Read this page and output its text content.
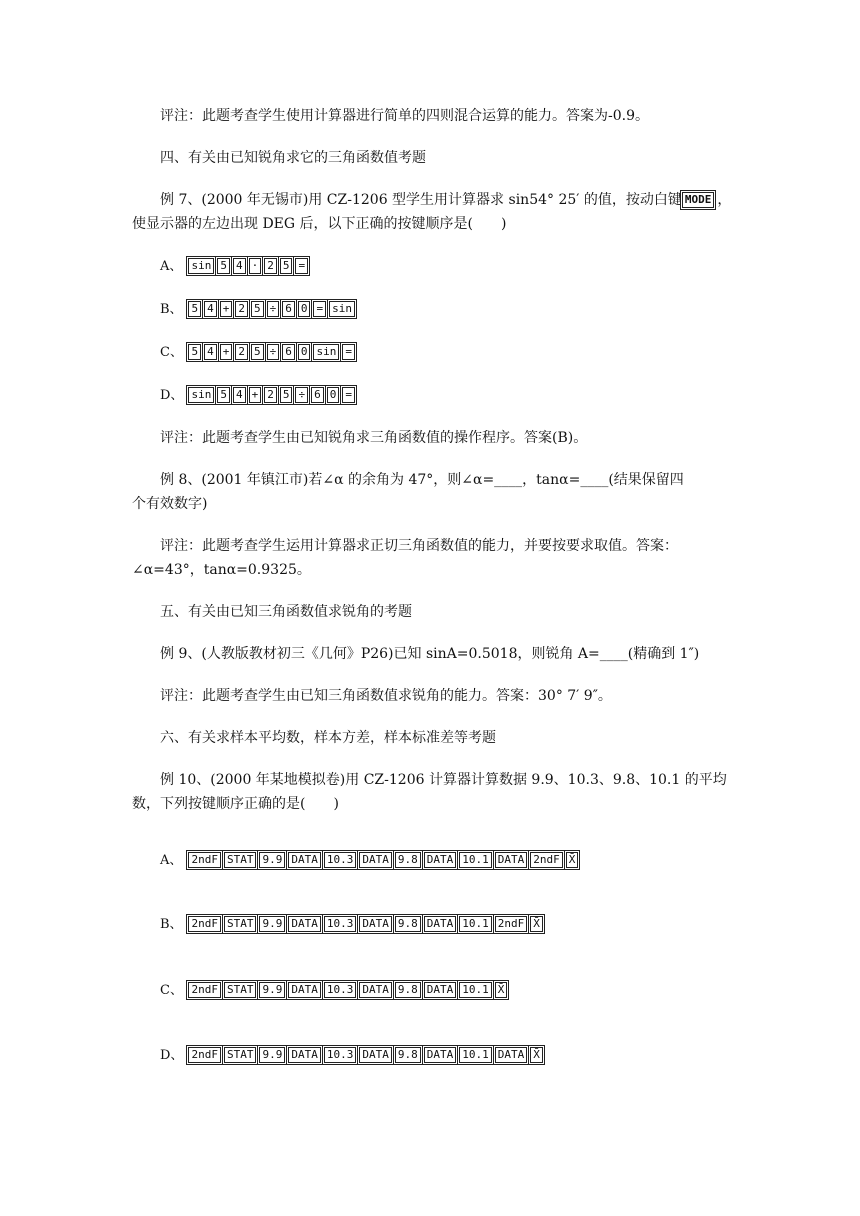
评注：此题考查学生使用计算器进行简单的四则混合运算的能力。答案为-0.9。
四、有关由已知锐角求它的三角函数值考题
例 7、(2000 年无锡市)用 CZ-1206 型学生用计算器求 sin54° 25′ 的值，按动白键 MODE ，
使显示器的左边出现 DEG 后，以下正确的按键顺序是(　　)
A、 sin 5 4 · 2 5 =
B、 5 4 + 2 5 ÷ 6 0 = sin
C、 5 4 + 2 5 ÷ 6 0 sin =
D、 sin 5 4 + 2 5 ÷ 6 0 =
评注：此题考查学生由已知锐角求三角函数值的操作程序。答案(B)。
例 8、(2001 年镇江市)若∠α 的余角为 47°，则∠α=____，tanα=____(结果保留四
个有效数字)
评注：此题考查学生运用计算器求正切三角函数值的能力，并要按要求取值。答案：
∠α=43°，tanα=0.9325。
五、有关由已知三角函数值求锐角的考题
例 9、(人教版教材初三《几何》P26)已知 sinA=0.5018，则锐角 A=____(精确到 1″)
评注：此题考查学生由已知三角函数值求锐角的能力。答案：30° 7′ 9″。
六、有关求样本平均数，样本方差，样本标准差等考题
例 10、(2000 年某地模拟卷)用 CZ-1206 计算器计算数据 9.9、10.3、9.8、10.1 的平均
数，下列按键顺序正确的是(　　)
A、 2ndF STAT 9.9 DATA 10.3 DATA 9.8 DATA 10.1 DATA 2ndF X̄
B、 2ndF STAT 9.9 DATA 10.3 DATA 9.8 DATA 10.1 2ndF X̄
C、 2ndF STAT 9.9 DATA 10.3 DATA 9.8 DATA 10.1 X̄
D、 2ndF STAT 9.9 DATA 10.3 DATA 9.8 DATA 10.1 DATA X̄
